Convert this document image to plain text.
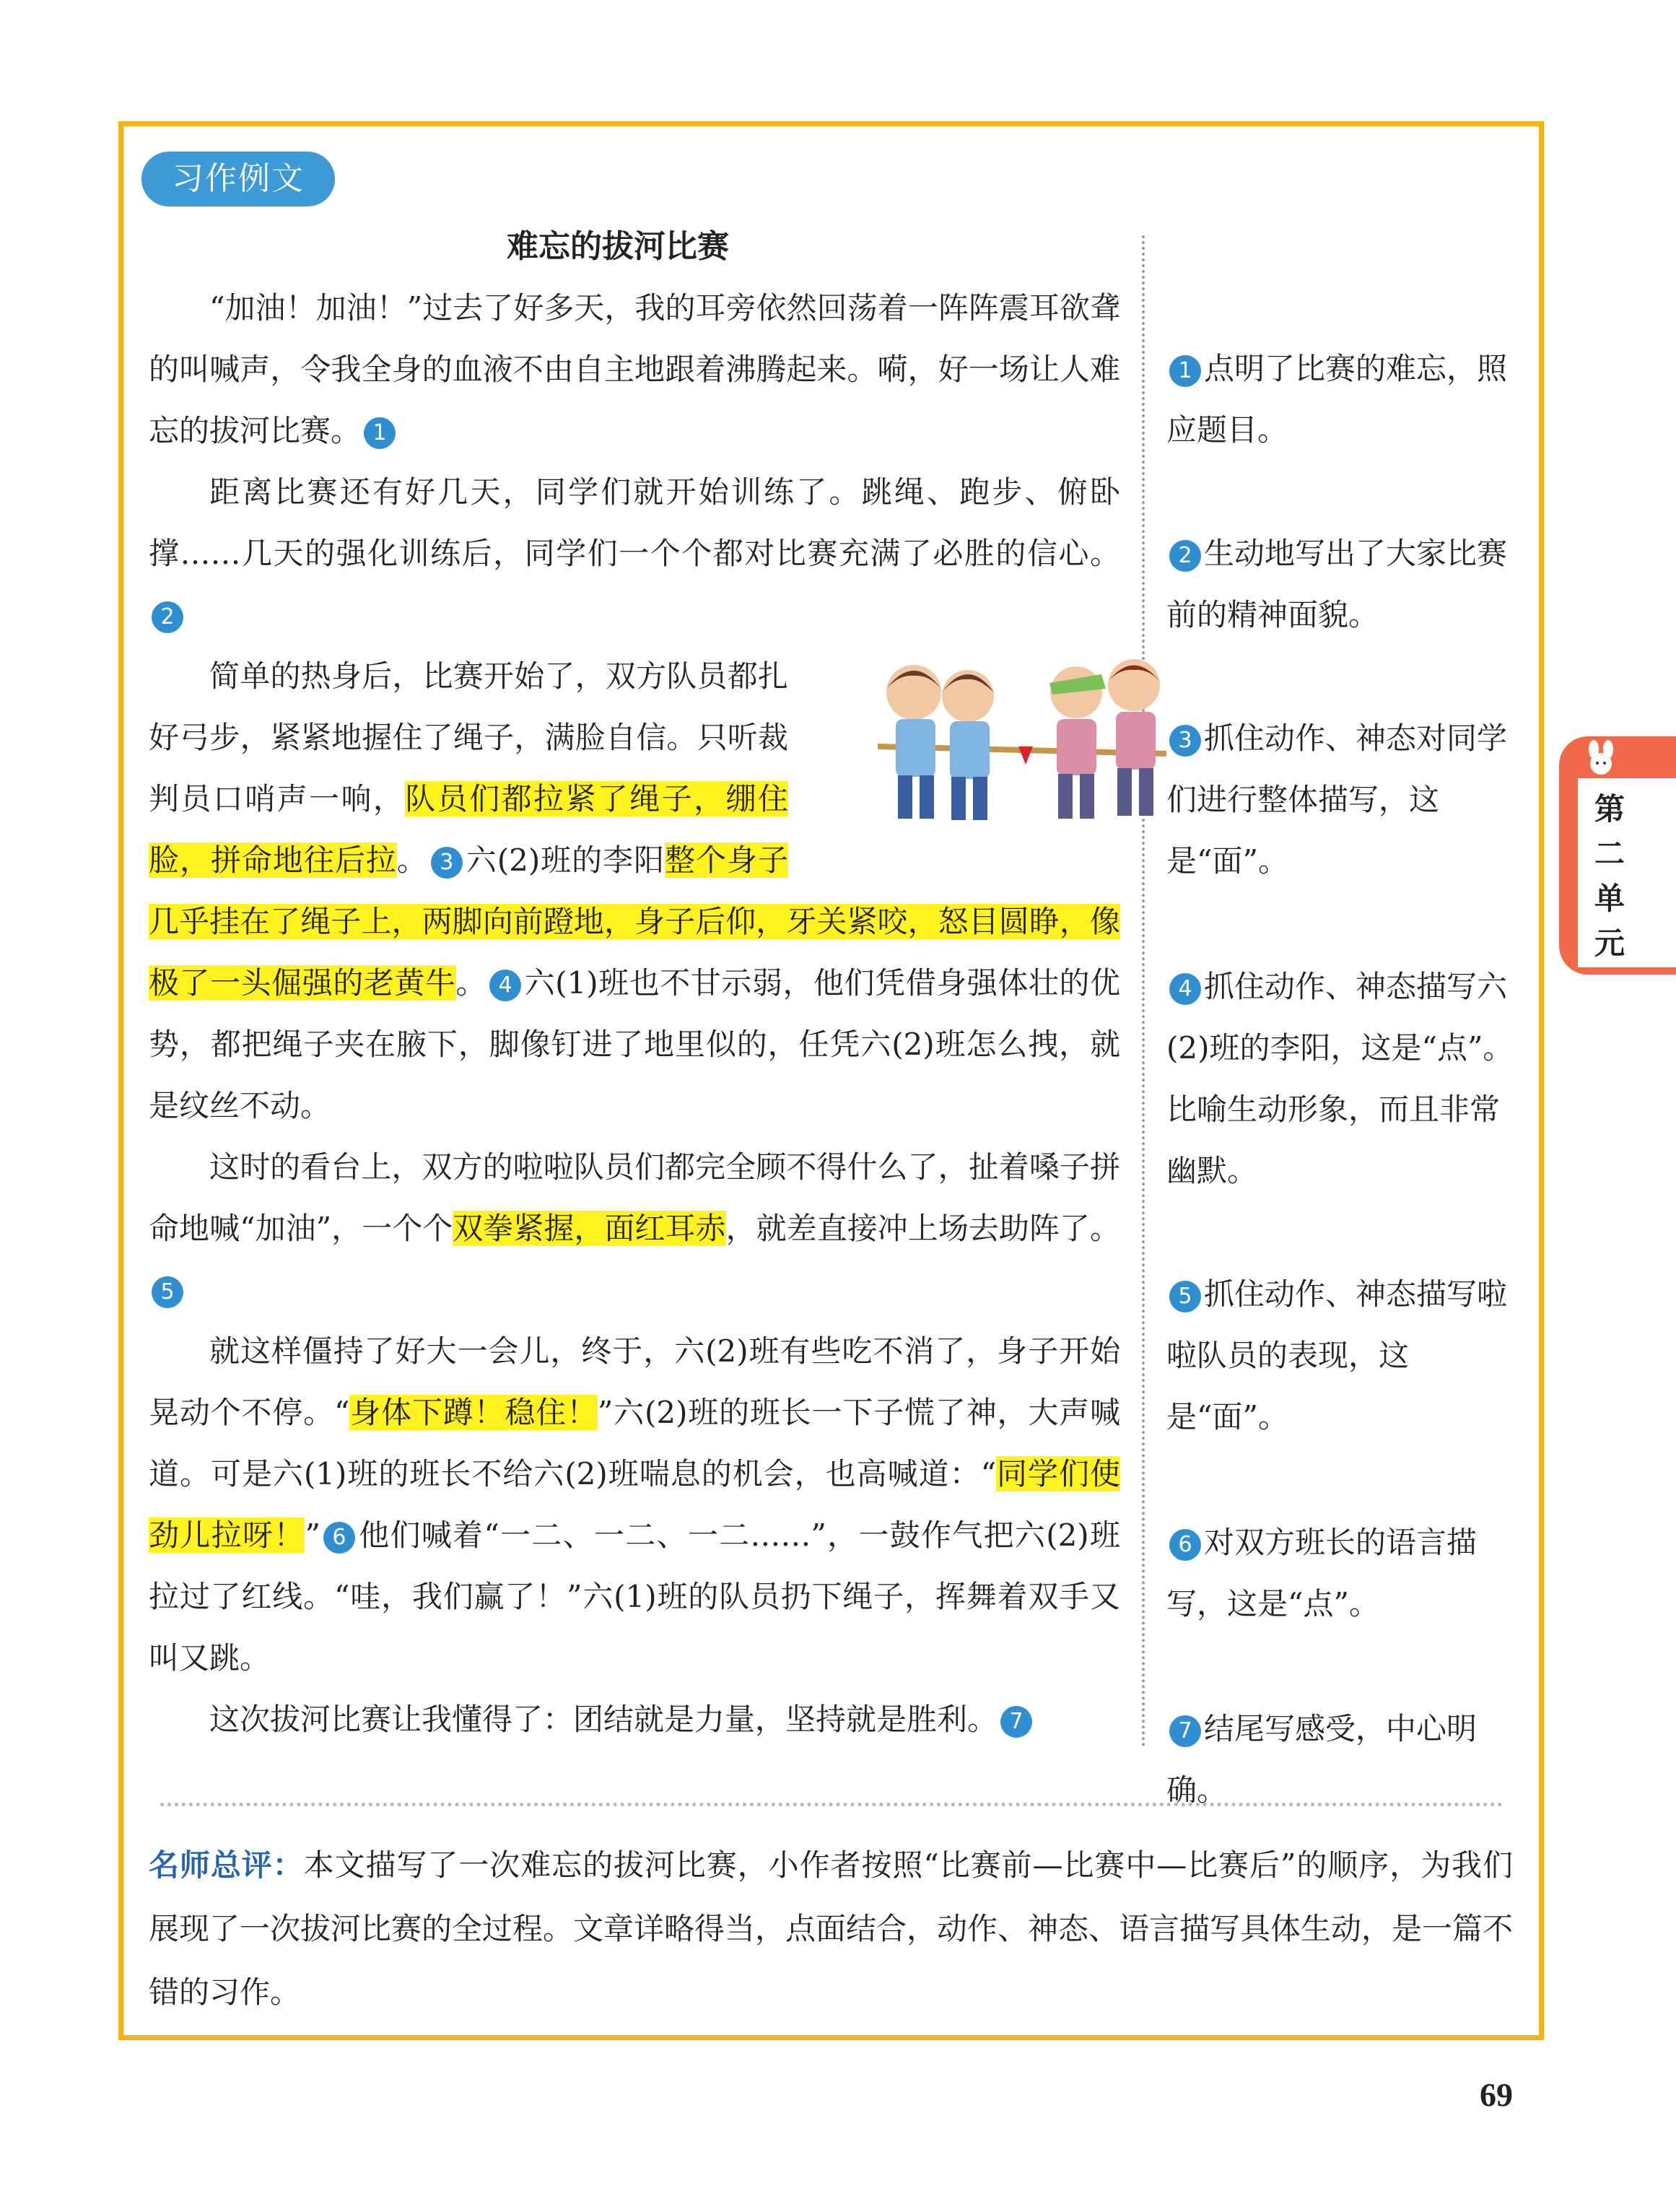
习作例文
难忘的拔河比赛

“加油！加油！”过去了好多天，我的耳旁依然回荡着一阵阵震耳欲聋的叫喊声，令我全身的血液不由自主地跟着沸腾起来。嗬，好一场让人难忘的拔河比赛。 1

距离比赛还有好几天，同学们就开始训练了。跳绳、跑步、俯卧撑……几天的强化训练后，同学们一个个都对比赛充满了必胜的信心。2

简单的热身后，比赛开始了，双方队员都扎好弓步，紧紧地握住了绳子，满脸自信。只听裁判员口哨声一响，队员们都拉紧了绳子，绷住脸，拼命地往后拉。 3 六(2)班的李阳整个身子几乎挂在了绳子上，两脚向前蹬地，身子后仰，牙关紧咬，怒目圆睁，像极了一头倔强的老黄牛。 4 六(1)班也不甘示弱，他们凭借身强体壮的优势，都把绳子夹在腋下，脚像钉进了地里似的，任凭六(2)班怎么拽，就是纹丝不动。

这时的看台上，双方的啦啦队员们都完全顾不得什么了，扯着嗓子拼命地喊“加油”，一个个双拳紧握，面红耳赤，就差直接冲上场去助阵了。5

就这样僵持了好大一会儿，终于，六(2)班有些吃不消了，身子开始晃动个不停。“身体下蹲！稳住！”六(2)班的班长一下子慌了神，大声喊道。可是六(1)班的班长不给六(2)班喘息的机会，也高喊道：“同学们使劲儿拉呀！” 6 他们喊着“一二、一二、一二……”，一鼓作气把六(2)班拉过了红线。“哇，我们赢了！”六(1)班的队员扔下绳子，挥舞着双手又叫又跳。

这次拔河比赛让我懂得了：团结就是力量，坚持就是胜利。 7

1 点明了比赛的难忘，照应题目。
2 生动地写出了大家比赛前的精神面貌。
3 抓住动作、神态对同学们进行整体描写，这是“面”。
4 抓住动作、神态描写六(2)班的李阳，这是“点”。比喻生动形象，而且非常幽默。
5 抓住动作、神态描写啦啦队员的表现，这是“面”。
6 对双方班长的语言描写，这是“点”。
7 结尾写感受，中心明确。
第
二
单
元
名师总评：本文描写了一次难忘的拔河比赛，小作者按照“比赛前—比赛中—比赛后”的顺序，为我们展现了一次拔河比赛的全过程。文章详略得当，点面结合，动作、神态、语言描写具体生动，是一篇不错的习作。
69
